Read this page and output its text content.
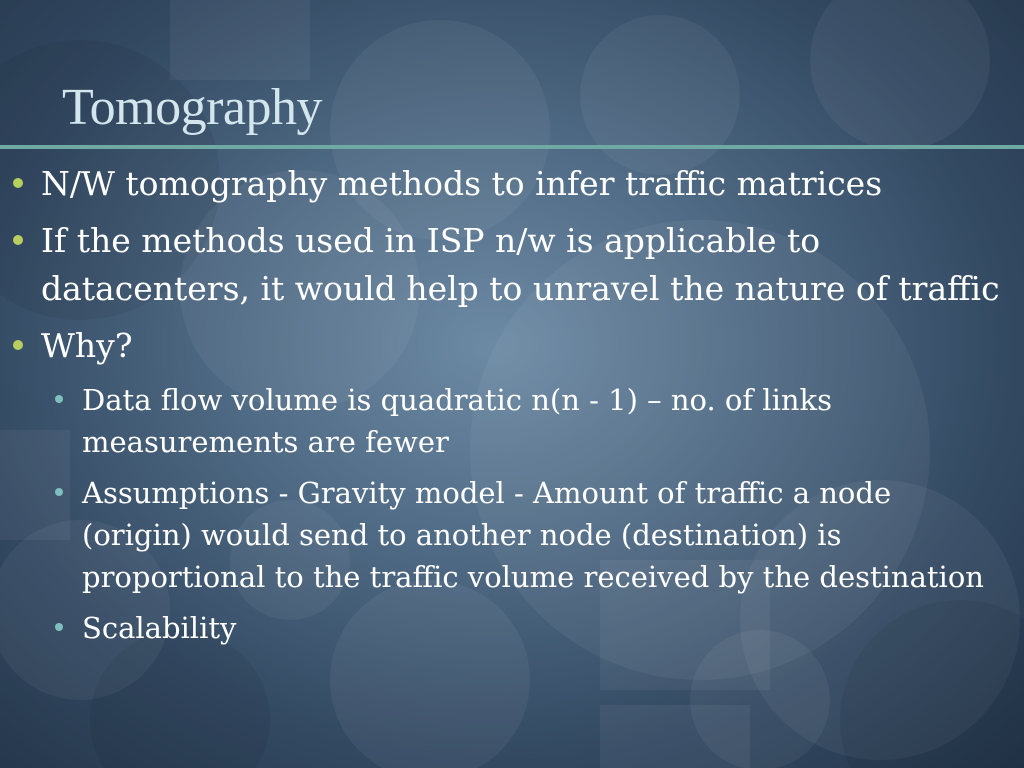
Tomography
N/W tomography methods to infer traffic matrices
If the methods used in ISP n/w is applicable to datacenters, it would help to unravel the nature of traffic
Why?
Data flow volume is quadratic n(n - 1) – no. of links measurements are fewer
Assumptions - Gravity model - Amount of traffic a node (origin) would send to another node (destination) is proportional to the traffic volume received by the destination
Scalability
